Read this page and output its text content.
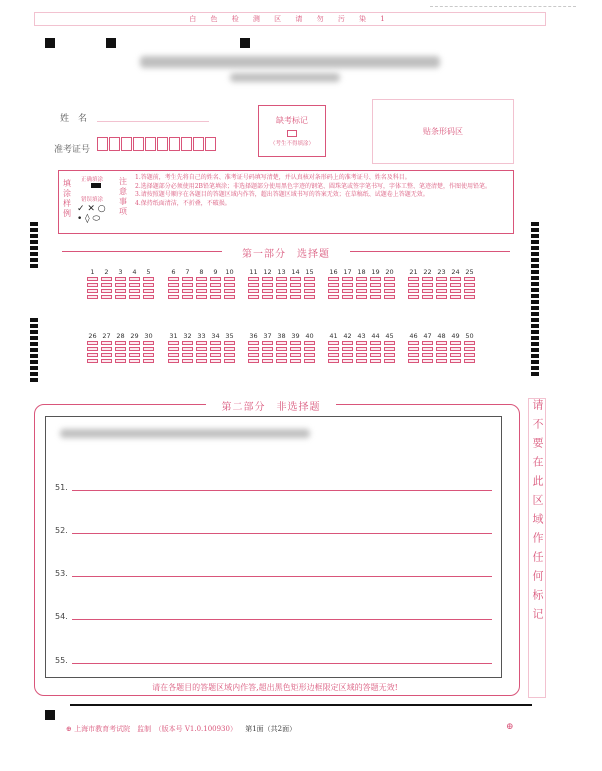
白 色 检 测 区 请 勿 污 染 1
姓　名
准考证号
缺考标记
（考生不得填涂）
贴条形码区
填涂样例
正确填涂
错误填涂
✓ ✕ ○
• ◊ ⬭
注意事项
1.答题前，考生先将自己的姓名、准考证号码填写清楚，并认真核对条形码上的准考证号、姓名及科目。
2.选择题部分必须使用2B铅笔填涂；非选择题部分使用黑色字迹的钢笔、圆珠笔或签字笔书写，字体工整、笔迹清楚，作图使用铅笔。
3.请按照题号顺序在各题目的答题区域内作答，超出答题区域书写的答案无效；在草稿纸、试题卷上答题无效。
4.保持纸面清洁，不折叠，不破损。
第一部分　选择题
1	2	3	4	5	6	7	8	9	10	11 12 13 14 15	16 17 18 19 20	21 22 23 24 25
26 27 28 29 30	31 32 33 34 35	36 37 38 39 40	41 42 43 44 45	46 47 48 49 50
第二部分　非选择题
51.
52.
53.
54.
55.
请在各题目的答题区域内作答,超出黑色矩形边框限定区域的答题无效!
请不要在此区域作任何标记
⊕ 上海市教育考试院　监制　（版本号 V1.0.100930） 第1面（共2面）	⊕
